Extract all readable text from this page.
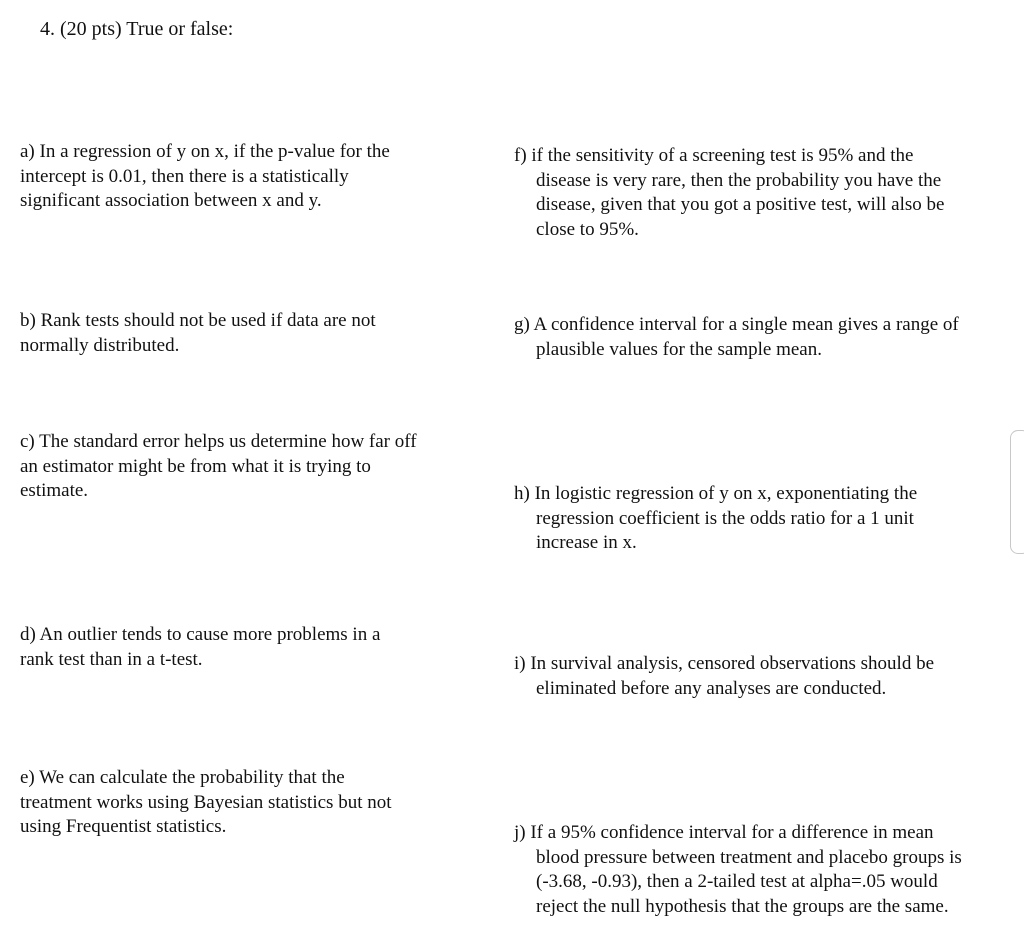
4. (20 pts) True or false:
a) In a regression of y on x, if the p-value for the
intercept is 0.01, then there is a statistically
significant association between x and y.
b) Rank tests should not be used if data are not
normally distributed.
c) The standard error helps us determine how far off
an estimator might be from what it is trying to
estimate.
d) An outlier tends to cause more problems in a
rank test than in a t-test.
e) We can calculate the probability that the
treatment works using Bayesian statistics but not
using Frequentist statistics.
f) if the sensitivity of a screening test is 95% and the
disease is very rare, then the probability you have the
disease, given that you got a positive test, will also be
close to 95%.
g) A confidence interval for a single mean gives a range of
plausible values for the sample mean.
h) In logistic regression of y on x, exponentiating the
regression coefficient is the odds ratio for a 1 unit
increase in x.
i) In survival analysis, censored observations should be
eliminated before any analyses are conducted.
j) If a 95% confidence interval for a difference in mean
blood pressure between treatment and placebo groups is
(-3.68, -0.93), then a 2-tailed test at alpha=.05 would
reject the null hypothesis that the groups are the same.
